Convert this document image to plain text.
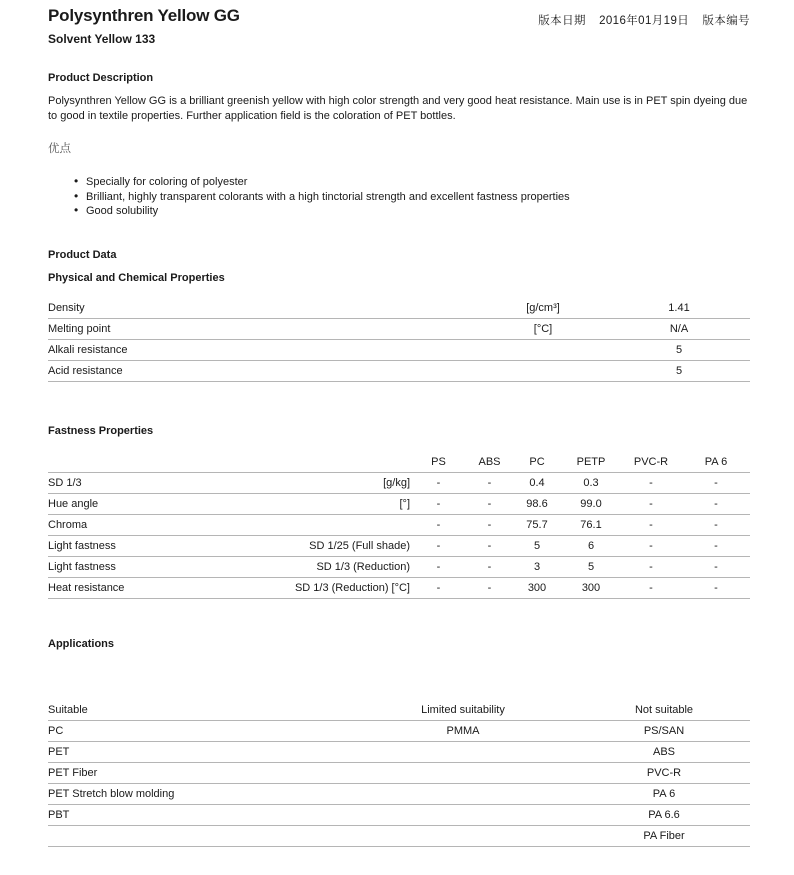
Polysynthren Yellow GG
Solvent Yellow 133
版本日期 2016年01月19日 版本编号
Product Description
Polysynthren Yellow GG is a brilliant greenish yellow with high color strength and very good heat resistance. Main use is in PET spin dyeing due to good in textile properties. Further application field is the coloration of PET bottles.
优点
• Specially for coloring of polyester
• Brilliant, highly transparent colorants with a high tinctorial strength and excellent fastness properties
• Good solubility
Product Data
Physical and Chemical Properties
Density	[g/cm³]	1.41
Melting point	[°C]	N/A
Alkali resistance		5
Acid resistance		5
Fastness Properties
		PS	ABS	PC	PETP	PVC-R	PA 6
SD 1/3	[g/kg]	-	-	0.4	0.3	-	-
Hue angle	[°]	-	-	98.6	99.0	-	-
Chroma		-	-	75.7	76.1	-	-
Light fastness	SD 1/25 (Full shade)	-	-	5	6	-	-
Light fastness	SD 1/3 (Reduction)	-	-	3	5	-	-
Heat resistance	SD 1/3 (Reduction) [°C]	-	-	300	300	-	-
Applications
Suitable	Limited suitability	Not suitable
PC	PMMA	PS/SAN
PET		ABS
PET Fiber		PVC-R
PET Stretch blow molding		PA 6
PBT		PA 6.6
		PA Fiber
